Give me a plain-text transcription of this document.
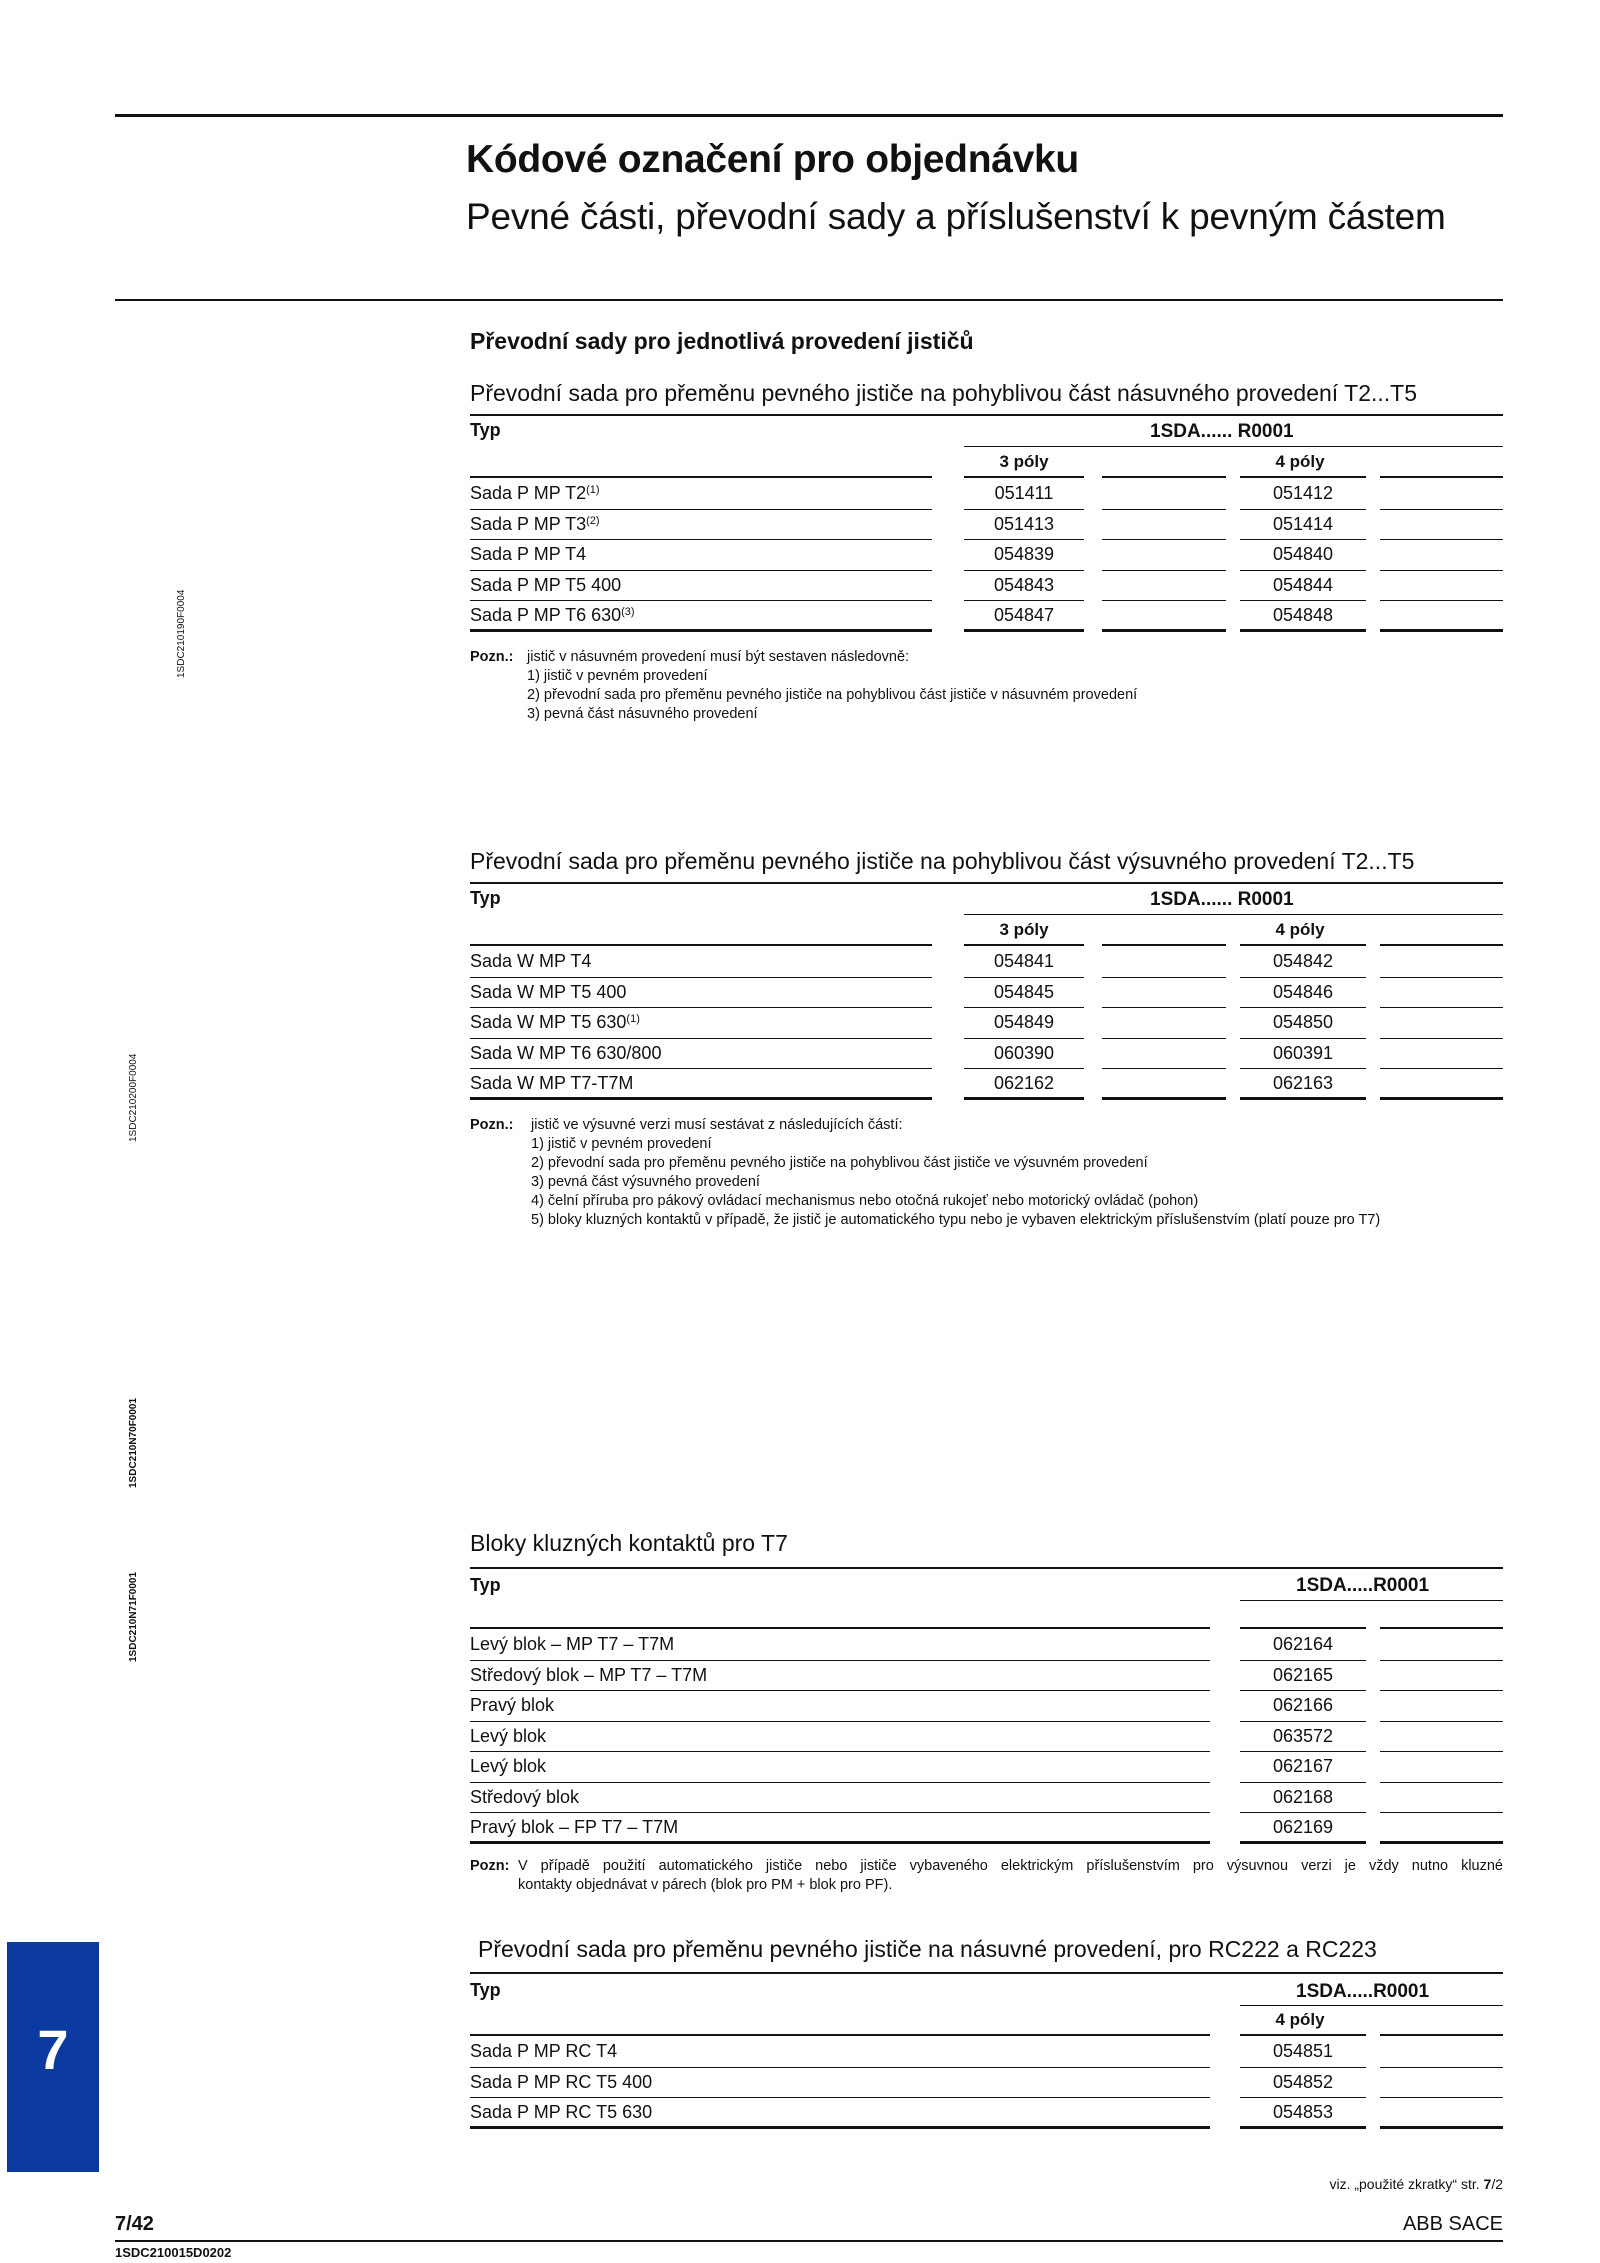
Kódové označení pro objednávku
Pevné části, převodní sady a příslušenství k pevným částem
Převodní sady pro jednotlivá provedení jističů
Převodní sada pro přeměnu pevného jističe na pohyblivou část násuvného provedení T2...T5
Typ	1SDA...... R0001
3 póly	4 póly
Sada P MP T2$^{(1)}$	051411	051412
Sada P MP T3$^{(2)}$	051413	051414
Sada P MP T4	054839	054840
Sada P MP T5 400	054843	054844
Sada P MP T6 630$^{(3)}$	054847	054848
Pozn.: jistič v násuvném provedení musí být sestaven následovně:
1) jistič v pevném provedení
2) převodní sada pro přeměnu pevného jističe na pohyblivou část jističe v násuvném provedení
3) pevná část násuvného provedení
1SDC210190F0004
Převodní sada pro přeměnu pevného jističe na pohyblivou část výsuvného provedení T2...T5
Typ	1SDA...... R0001
3 póly	4 póly
Sada W MP T4	054841	054842
Sada W MP T5 400	054845	054846
Sada W MP T5 630$^{(1)}$	054849	054850
Sada W MP T6 630/800	060390	060391
Sada W MP T7-T7M	062162	062163
Pozn.: jistič ve výsuvné verzi musí sestávat z následujících částí:
1) jistič v pevném provedení
2) převodní sada pro přeměnu pevného jističe na pohyblivou část jističe ve výsuvném provedení
3) pevná část výsuvného provedení
4) čelní příruba pro pákový ovládací mechanismus nebo otočná rukojeť nebo motorický ovládač (pohon)
5) bloky kluzných kontaktů v případě, že jistič je automatického typu nebo je vybaven elektrickým příslušenstvím (platí pouze pro T7)
1SDC210200F0004
1SDC210N70F0001
1SDC210N71F0001
Bloky kluzných kontaktů pro T7
Typ	1SDA.....R0001
Levý blok – MP T7 – T7M	062164
Středový blok – MP T7 – T7M	062165
Pravý blok	062166
Levý blok	063572
Levý blok	062167
Středový blok	062168
Pravý blok – FP T7 – T7M	062169
Pozn: V případě použití automatického jističe nebo jističe vybaveného elektrickým příslušenstvím pro výsuvnou verzi je vždy nutno kluzné
kontakty objednávat v párech (blok pro PM + blok pro PF).
Převodní sada pro přeměnu pevného jističe na násuvné provedení, pro RC222 a RC223
Typ	1SDA.....R0001
4 póly
Sada P MP RC T4	054851
Sada P MP RC T5 400	054852
Sada P MP RC T5 630	054853
7
viz. „použité zkratky“ str. 7/2
7/42	ABB SACE
1SDC210015D0202
